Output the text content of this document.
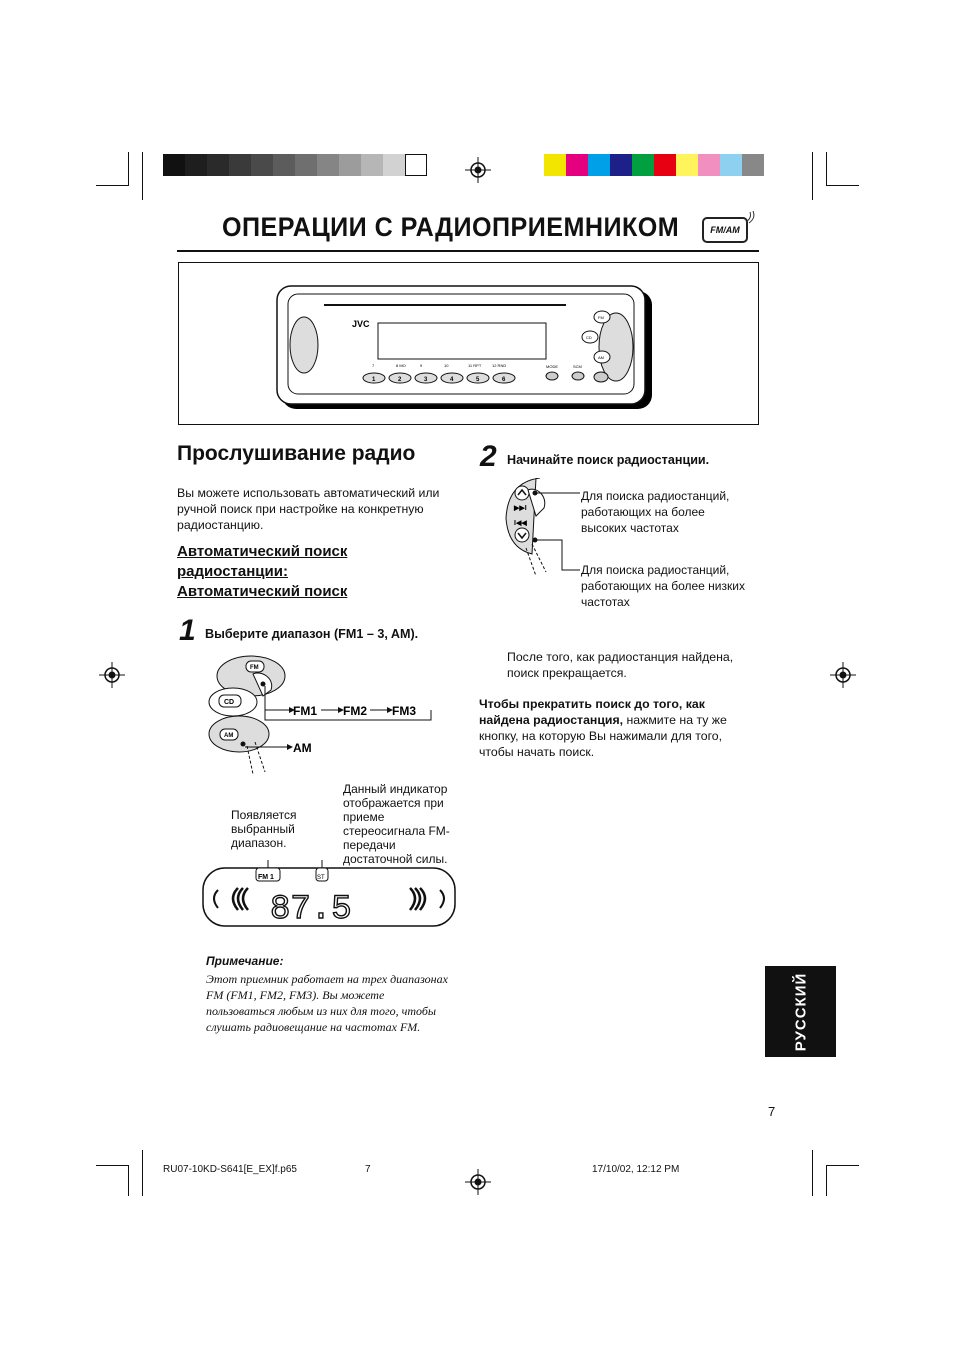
ОПЕРАЦИИ С РАДИОПРИЕМНИКОМ	FM/AM
JVC
1
7
2
8 MO
3
9
4
10
5
11 RPT
6
12 RND
FM
CD
AM
MODE	SCM
Прослушивание радио
Вы можете использовать автоматический или ручной поиск при настройке на конкретную радиостанцию.
Автоматический поиск
радиостанции:
Автоматический поиск
1 Выберите диапазон (FM1 – 3, AM).
FM
CD
AM
FM1 FM2 FM3
AM
Появляется выбранный диапазон.
Данный индикатор отображается при приеме стереосигнала FM-передачи достаточной силы.
FM 1	ST
87.5
Примечание:
Этот приемник работает на трех диапазонах FM (FM1, FM2, FM3). Вы можете пользоваться любым из них для того, чтобы слушать радиовещание на частотах FM.
2 Начинайте поиск радиостанции.
▶▶I
I◀◀
Для поиска радиостанций, работающих на более высоких частотах
Для поиска радиостанций, работающих на более низких частотах
После того, как радиостанция найдена, поиск прекращается.
Чтобы прекратить поиск до того, как найдена радиостанция, нажмите на ту же кнопку, на которую Вы нажимали для того, чтобы начать поиск.
РУССКИЙ
7
RU07-10KD-S641[E_EX]f.p65	7	17/10/02, 12:12 PM
